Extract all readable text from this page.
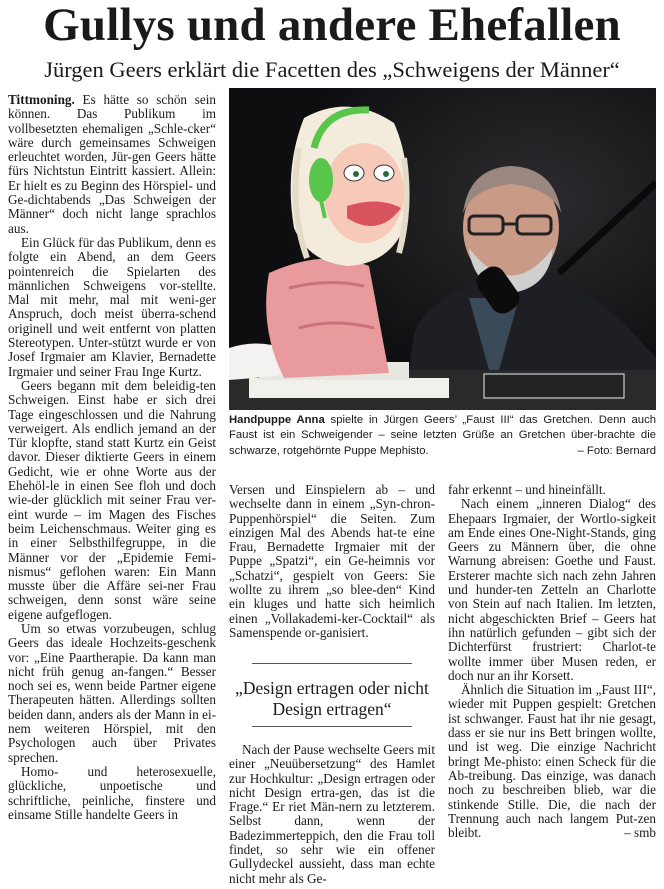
Gullys und andere Ehefallen
Jürgen Geers erklärt die Facetten des „Schweigens der Männer“

Tittmoning. Es hätte so schön sein können. Das Publikum im vollbesetzten ehemaligen „Schle-cker“ wäre durch gemeinsames Schweigen erleuchtet worden, Jür-gen Geers hätte fürs Nichtstun Eintritt kassiert. Allein: Er hielt es zu Beginn des Hörspiel- und Ge-dichtabends „Das Schweigen der Männer“ doch nicht lange sprachlos aus.

Ein Glück für das Publikum, denn es folgte ein Abend, an dem Geers pointenreich die Spielarten des männlichen Schweigens vor-stellte. Mal mit mehr, mal mit weni-ger Anspruch, doch meist überra-schend originell und weit entfernt von platten Stereotypen. Unter-stützt wurde er von Josef Irgmaier am Klavier, Bernadette Irgmaier und seiner Frau Inge Kurtz.

Geers begann mit dem beleidig-ten Schweigen. Einst habe er sich drei Tage eingeschlossen und die Nahrung verweigert. Als endlich jemand an der Tür klopfte, stand statt Kurtz ein Geist davor. Dieser diktierte Geers in einem Gedicht, wie er ohne Worte aus der Ehehöl-le in einen See floh und doch wie-der glücklich mit seiner Frau ver-eint wurde – im Magen des Fisches beim Leichenschmaus. Weiter ging es in einer Selbsthilfegruppe, in die Männer vor der „Epidemie Femi-nismus“ geflohen waren: Ein Mann musste über die Affäre sei-ner Frau schweigen, denn sonst wäre seine eigene aufgeflogen.

Um so etwas vorzubeugen, schlug Geers das ideale Hochzeits-geschenk vor: „Eine Paartherapie. Da kann man nicht früh genug an-fangen.“ Besser noch sei es, wenn beide Partner eigene Therapeuten hätten. Allerdings sollten beiden dann, anders als der Mann in ei-nem weiteren Hörspiel, mit den Psychologen auch über Privates sprechen.

Homo- und heterosexuelle, glückliche, unpoetische und schriftliche, peinliche, finstere und einsame Stille handelte Geers in

Handpuppe Anna spielte in Jürgen Geers’ „Faust III“ das Gretchen. Denn auch Faust ist ein Schweigender – seine letzten Grüße an Gretchen über-brachte die schwarze, rotgehörnte Puppe Mephisto.	– Foto: Bernard

Versen und Einspielern ab – und wechselte dann in einem „Syn-chron-Puppenhörspiel“ die Seiten. Zum einzigen Mal des Abends hat-te eine Frau, Bernadette Irgmaier mit der Puppe „Spatzi“, ein Ge-heimnis vor „Schatzi“, gespielt von Geers: Sie wollte zu ihrem „so blee-den“ Kind ein kluges und hatte sich heimlich einen „Vollakademi-ker-Cocktail“ als Samenspende or-ganisiert.

„Design ertragen oder nicht Design ertragen“

Nach der Pause wechselte Geers mit einer „Neuübersetzung“ des Hamlet zur Hochkultur: „Design ertragen oder nicht Design ertra-gen, das ist die Frage.“ Er riet Män-nern zu letzterem. Selbst dann, wenn der Badezimmerteppich, den die Frau toll findet, so sehr wie ein offener Gullydeckel aussieht, dass man echte nicht mehr als Ge-

fahr erkennt – und hineinfällt.

Nach einem „inneren Dialog“ des Ehepaars Irgmaier, der Wortlo-sigkeit am Ende eines One-Night-Stands, ging Geers zu Männern über, die ohne Warnung abreisen: Goethe und Faust. Ersterer machte sich nach zehn Jahren und hunder-ten Zetteln an Charlotte von Stein auf nach Italien. Im letzten, nicht abgeschickten Brief – Geers hat ihn natürlich gefunden – gibt sich der Dichterfürst frustriert: Charlot-te wollte immer über Musen reden, er doch nur an ihr Korsett.

Ähnlich die Situation im „Faust III“, wieder mit Puppen gespielt: Gretchen ist schwanger. Faust hat ihr nie gesagt, dass er sie nur ins Bett bringen wollte, und ist weg. Die einzige Nachricht bringt Me-phisto: einen Scheck für die Ab-treibung. Das einzige, was danach noch zu beschreiben blieb, war die stinkende Stille. Die, die nach der Trennung auch nach langem Put-zen bleibt.	– smb
